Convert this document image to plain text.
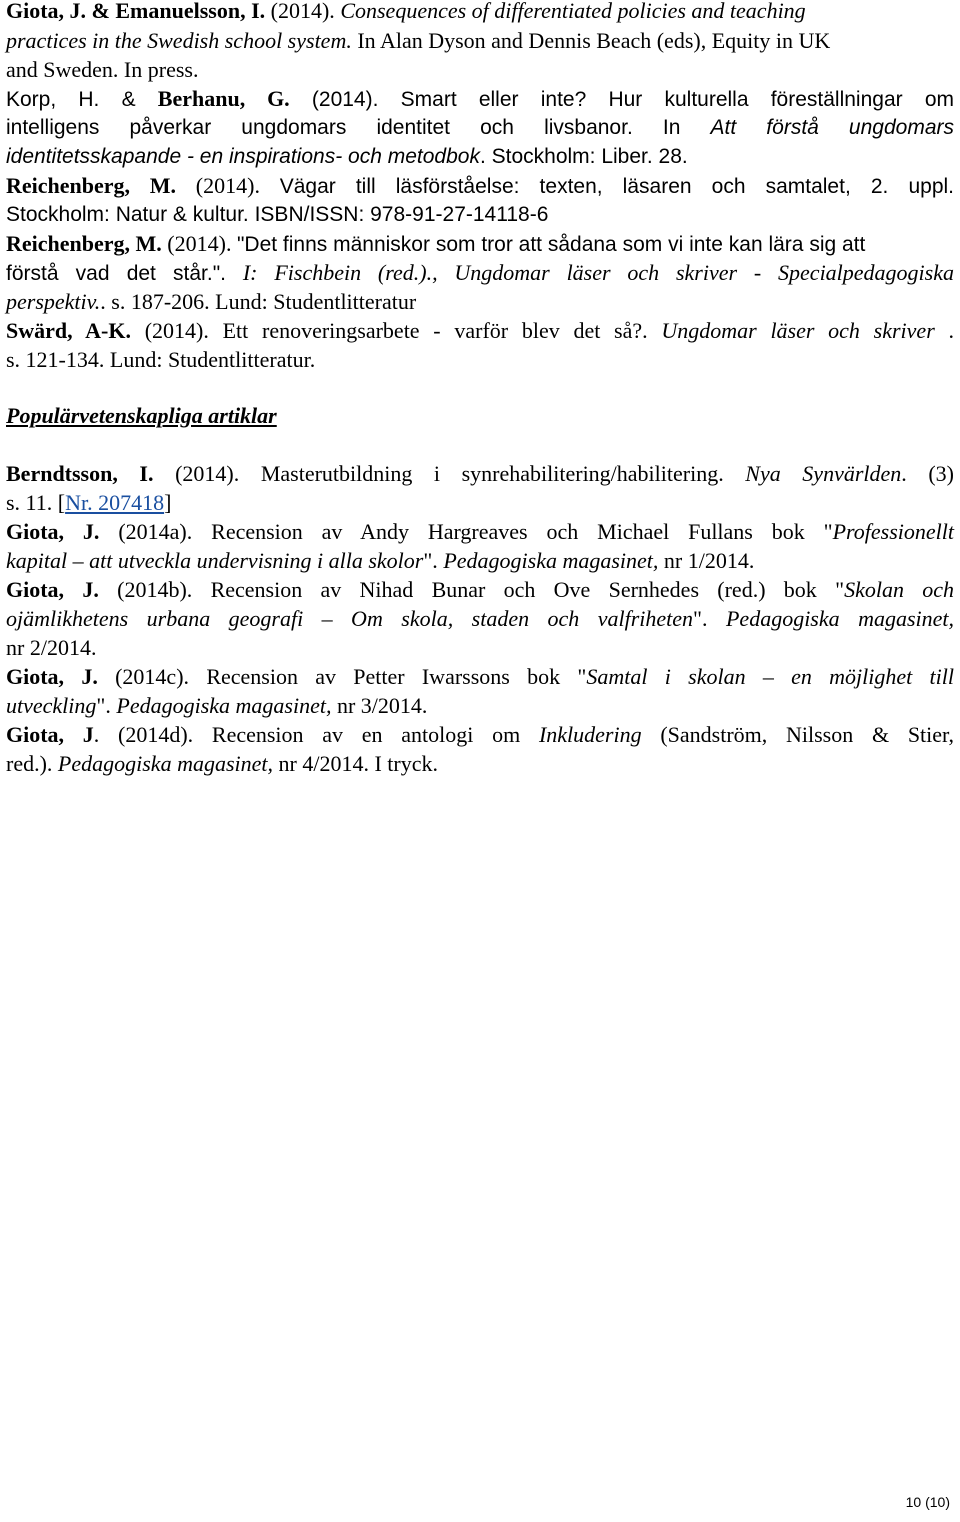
Giota, J. & Emanuelsson, I. (2014). Consequences of differentiated policies and teaching
practices in the Swedish school system. In Alan Dyson and Dennis Beach (eds), Equity in UK
and Sweden. In press.
Korp, H. & Berhanu, G. (2014). Smart eller inte? Hur kulturella föreställningar om
intelligens påverkar ungdomars identitet och livsbanor. In Att förstå ungdomars
identitetsskapande - en inspirations- och metodbok. Stockholm: Liber. 28.
Reichenberg, M. (2014). Vägar till läsförståelse: texten, läsaren och samtalet, 2. uppl.
Stockholm: Natur & kultur. ISBN/ISSN: 978-91-27-14118-6
Reichenberg, M. (2014). "Det finns människor som tror att sådana som vi inte kan lära sig att
förstå vad det står.". I: Fischbein (red.)., Ungdomar läser och skriver - Specialpedagogiska
perspektiv.. s. 187-206. Lund: Studentlitteratur
Swärd, A-K. (2014). Ett renoveringsarbete - varför blev det så?. Ungdomar läser och skriver .
s. 121-134. Lund: Studentlitteratur.
Populärvetenskapliga artiklar
Berndtsson, I. (2014). Masterutbildning i synrehabilitering/habilitering. Nya Synvärlden. (3)
s. 11. [Nr. 207418]
Giota, J. (2014a). Recension av Andy Hargreaves och Michael Fullans bok "Professionellt
kapital – att utveckla undervisning i alla skolor". Pedagogiska magasinet, nr 1/2014.
Giota, J. (2014b). Recension av Nihad Bunar och Ove Sernhedes (red.) bok "Skolan och
ojämlikhetens urbana geografi – Om skola, staden och valfriheten". Pedagogiska magasinet,
nr 2/2014.
Giota, J. (2014c). Recension av Petter Iwarssons bok "Samtal i skolan – en möjlighet till
utveckling". Pedagogiska magasinet, nr 3/2014.
Giota, J. (2014d). Recension av en antologi om Inkludering (Sandström, Nilsson & Stier,
red.). Pedagogiska magasinet, nr 4/2014. I tryck.
10 (10)
